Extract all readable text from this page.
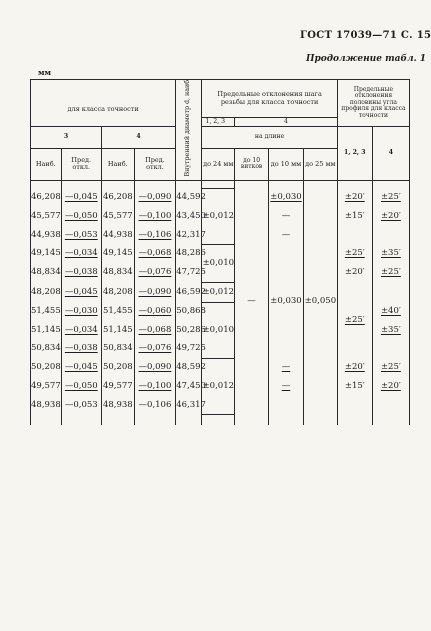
ГОСТ 17039—71 С. 15
Продолжение табл. 1
мм
для класса точности				Внутренний диаметр d, наиб	Предельные отклонения шага резьбы для класса точности				Предельные отклонения половины угла профиля для класса точности	
					1, 2, 3	4				
3		4			на длине				1, 2, 3	4
Наиб.	Пред. откл.	Наиб.	Пред. откл.		до 24 мм	до 10 витков	до 10 мм	до 25 мм		

46,208	—0,045	46,208	—0,090	44,592	±0,012	—	±0,030	±0,050	±20′	±25′
45,577	—0,050	45,577	—0,100	43,450			—		±15′	±20′
44,938	—0,053	44,938	—0,106	42,317			—			
49,145	—0,034	49,145	—0,068	48,286	±0,010		±0,030		±25′	±35′
48,834	—0,038	48,834	—0,076	47,725					±20′	±25′
48,208	—0,045	48,208	—0,090	46,592	±0,012					
51,455	—0,030	51,455	—0,060	50,868	±0,010				±25′	±40′
51,145	—0,034	51,145	—0,068	50,286						±35′
50,834	—0,038	50,834	—0,076	49,725						
50,208	—0,045	50,208	—0,090	48,592	±0,012		—		±20′	±25′
49,577	—0,050	49,577	—0,100	47,450			—		±15′	±20′
48,938	—0,053	48,938	—0,106	46,317						
